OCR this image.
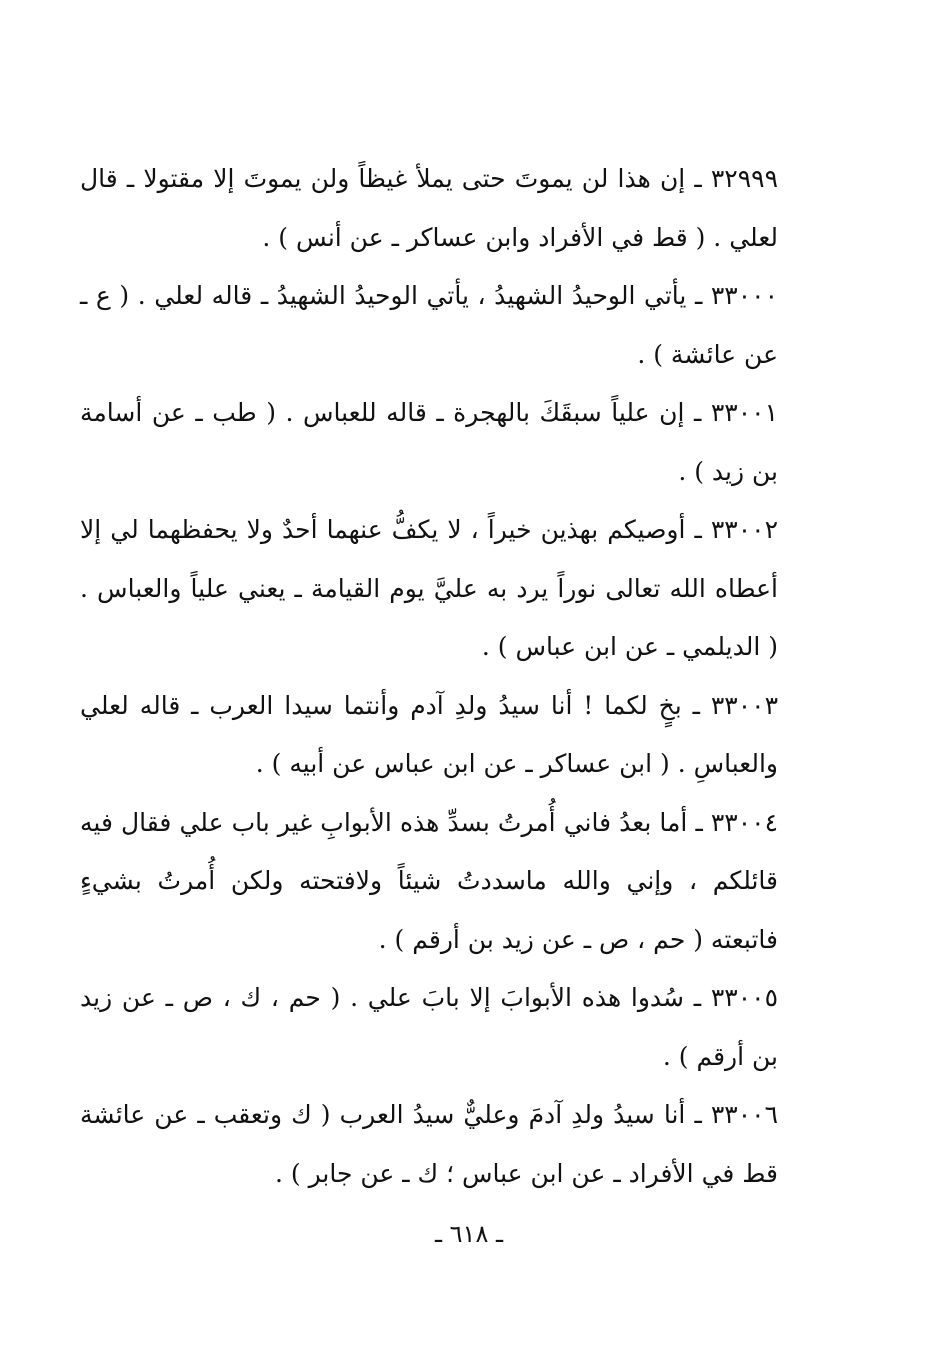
٣٢٩٩٩ ـ إن هذا لن يموتَ حتى يملأ غيظاً ولن يموتَ إلا مقتولا ـ قال لعلي . ( قط في الأفراد وابن عساكر ـ عن أنس ) .

٣٣٠٠٠ ـ يأتي الوحيدُ الشهيدُ ، يأتي الوحيدُ الشهيدُ ـ قاله لعلي . ( ع ـ عن عائشة ) .

٣٣٠٠١ ـ إن علياً سبقَكَ بالهجرة ـ قاله للعباس . ( طب ـ عن أسامة بن زيد ) .

٣٣٠٠٢ ـ أوصيكم بهذين خيراً ، لا يكفُّ عنهما أحدٌ ولا يحفظهما لي إلا أعطاه الله تعالى نوراً يرد به عليَّ يوم القيامة ـ يعني علياً والعباس . ( الديلمي ـ عن ابن عباس ) .

٣٣٠٠٣ ـ بخٍ لكما ! أنا سيدُ ولدِ آدم وأنتما سيدا العرب ـ قاله لعلي والعباسِ . ( ابن عساكر ـ عن ابن عباس عن أبيه ) .

٣٣٠٠٤ ـ أما بعدُ فاني أُمرتُ بسدِّ هذه الأبوابِ غير باب علي فقال فيه قائلكم ، وإني والله ماسددتُ شيئاً ولافتحته ولكن أُمرتُ بشيءٍ فاتبعته ( حم ، ص ـ عن زيد بن أرقم ) .

٣٣٠٠٥ ـ سُدوا هذه الأبوابَ إلا بابَ علي . ( حم ، ك ، ص ـ عن زيد بن أرقم ) .

٣٣٠٠٦ ـ أنا سيدُ ولدِ آدمَ وعليٌّ سيدُ العرب ( ك وتعقب ـ عن عائشة قط في الأفراد ـ عن ابن عباس ؛ ك ـ عن جابر ) .

ـ ٦١٨ ـ
